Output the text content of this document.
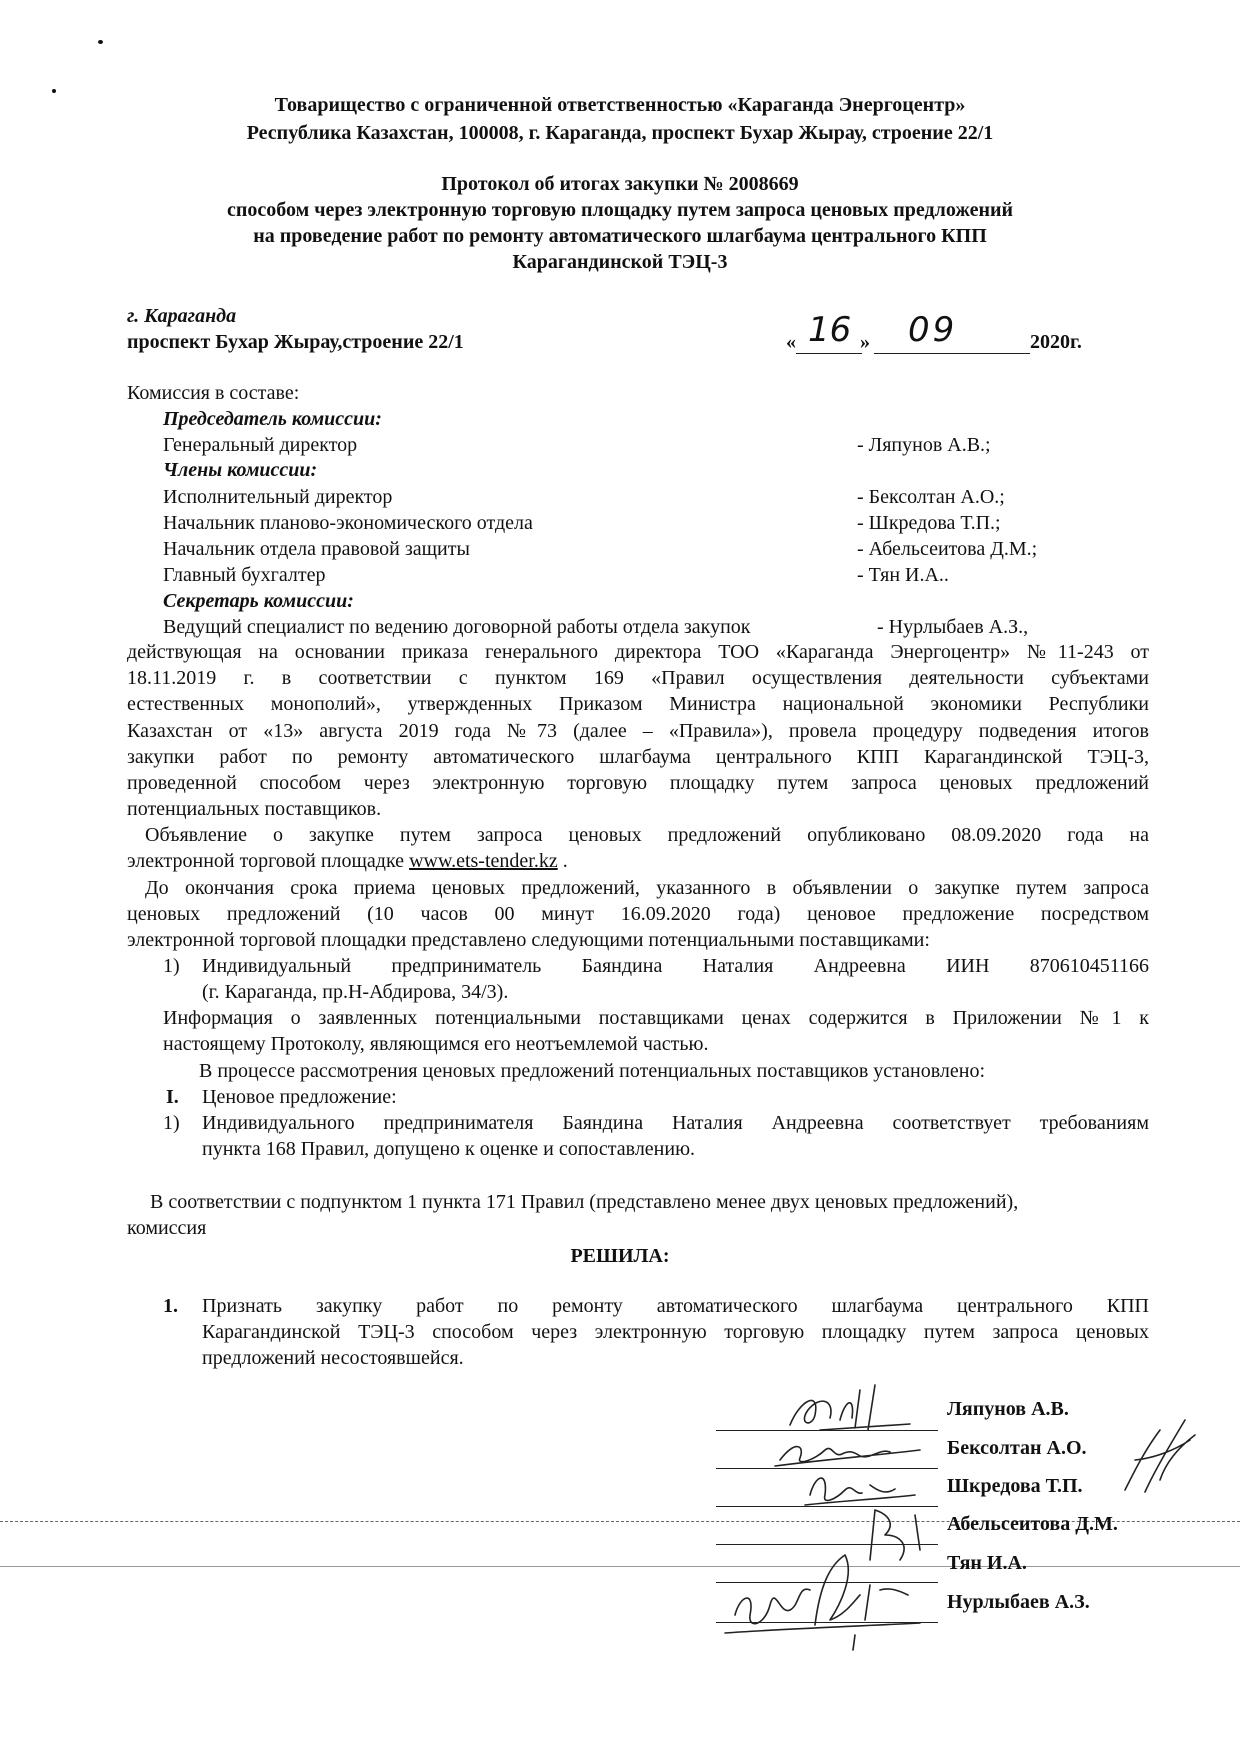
Товарищество с ограниченной ответственностью «Караганда Энергоцентр»
Республика Казахстан, 100008, г. Караганда, проспект Бухар Жырау, строение 22/1
Протокол об итогах закупки № 2008669
способом через электронную торговую площадку путем запроса ценовых предложений
на проведение работ по ремонту автоматического шлагбаума центрального КПП
Карагандинской ТЭЦ-3
г. Караганда
проспект Бухар Жырау,строение 22/1	« 16 » 09	2020г.
Комиссия в составе:
Председатель комиссии:
Генеральный директор	- Ляпунов А.В.;
Члены комиссии:
Исполнительный директор	- Бексолтан А.О.;
Начальник планово-экономического отдела	- Шкредова Т.П.;
Начальник отдела правовой защиты	- Абельсеитова Д.М.;
Главный бухгалтер	- Тян И.А..
Секретарь комиссии:
Ведущий специалист по ведению договорной работы отдела закупок	- Нурлыбаев А.З.,
действующая на основании приказа генерального директора ТОО «Караганда Энергоцентр» №11-243 от
18.11.2019 г. в соответствии с пунктом 169 «Правил осуществления деятельности субъектами
естественных монополий», утвержденных Приказом Министра национальной экономики Республики
Казахстан от «13» августа 2019 года №73 (далее – «Правила»), провела процедуру подведения итогов
закупки работ по ремонту автоматического шлагбаума центрального КПП Карагандинской ТЭЦ-3,
проведенной способом через электронную торговую площадку путем запроса ценовых предложений
потенциальных поставщиков.
Объявление о закупке путем запроса ценовых предложений опубликовано 08.09.2020 года на
электронной торговой площадке www.ets-tender.kz .
До окончания срока приема ценовых предложений, указанного в объявлении о закупке путем запроса
ценовых предложений (10 часов 00 минут 16.09.2020 года) ценовое предложение посредством
электронной торговой площадки представлено следующими потенциальными поставщиками:
1) Индивидуальный предприниматель Баяндина Наталия Андреевна ИИН 870610451166
(г. Караганда, пр.Н-Абдирова, 34/3).
Информация о заявленных потенциальными поставщиками ценах содержится в Приложении №1 к
настоящему Протоколу, являющимся его неотъемлемой частью.
В процессе рассмотрения ценовых предложений потенциальных поставщиков установлено:
I. Ценовое предложение:
1) Индивидуального предпринимателя Баяндина Наталия Андреевна соответствует требованиям
пункта 168 Правил, допущено к оценке и сопоставлению.
В соответствии с подпунктом 1 пункта 171 Правил (представлено менее двух ценовых предложений),
комиссия
РЕШИЛА:
1. Признать закупку работ по ремонту автоматического шлагбаума центрального КПП
Карагандинской ТЭЦ-3 способом через электронную торговую площадку путем запроса ценовых
предложений несостоявшейся.
Ляпунов А.В.
Бексолтан А.О.
Шкредова Т.П.
Абельсеитова Д.М.
Тян И.А.
Нурлыбаев А.З.
